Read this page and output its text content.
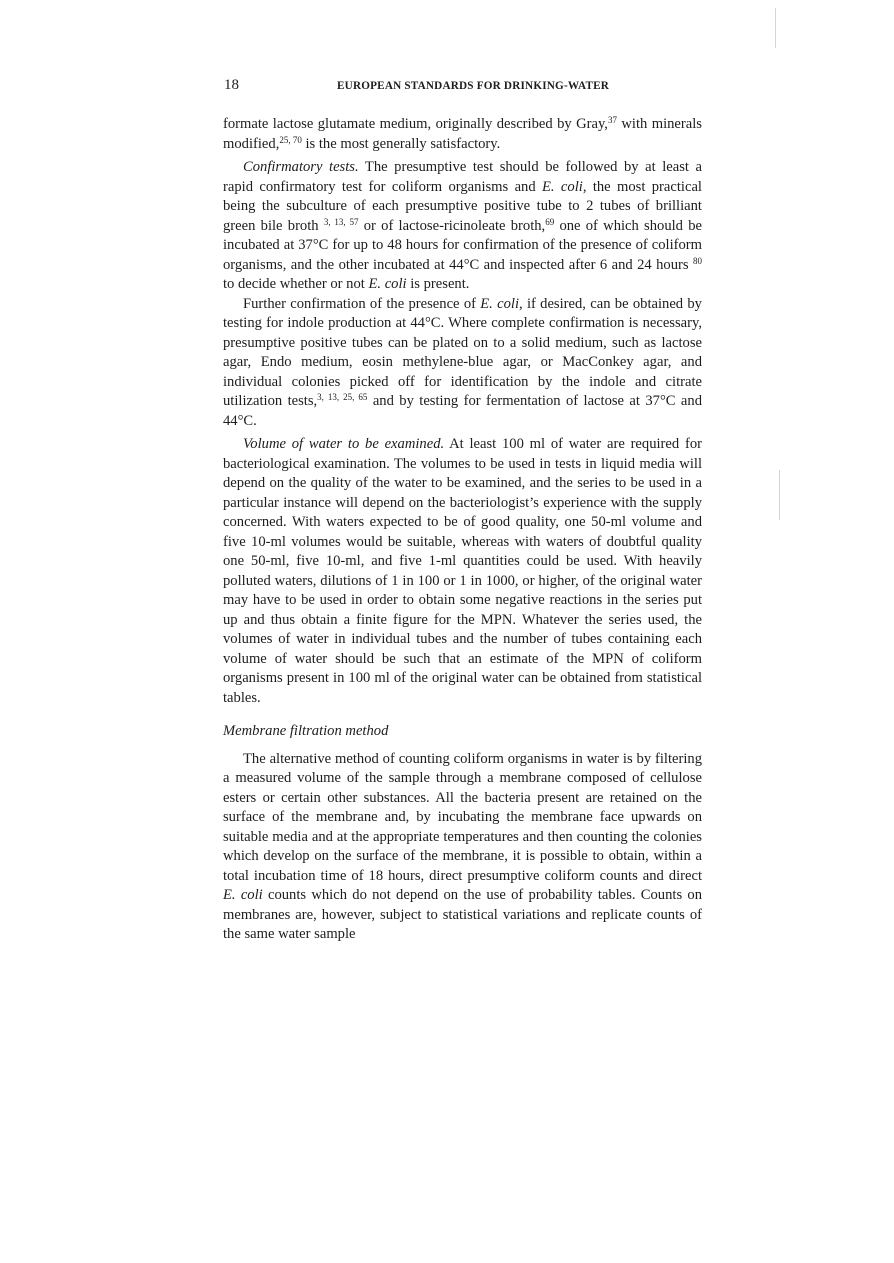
18	EUROPEAN STANDARDS FOR DRINKING-WATER

formate lactose glutamate medium, originally described by Gray,$^{37}$ with minerals modified,$^{25, 70}$ is the most generally satisfactory.

Confirmatory tests. The presumptive test should be followed by at least a rapid confirmatory test for coliform organisms and E. coli, the most practical being the subculture of each presumptive positive tube to 2 tubes of brilliant green bile broth $^{3, 13, 57}$ or of lactose-ricinoleate broth,$^{69}$ one of which should be incubated at 37°C for up to 48 hours for confirmation of the presence of coliform organisms, and the other incubated at 44°C and inspected after 6 and 24 hours $^{80}$ to decide whether or not E. coli is present.

Further confirmation of the presence of E. coli, if desired, can be obtained by testing for indole production at 44°C. Where complete confirmation is necessary, presumptive positive tubes can be plated on to a solid medium, such as lactose agar, Endo medium, eosin methylene-blue agar, or MacConkey agar, and individual colonies picked off for identification by the indole and citrate utilization tests,$^{3, 13, 25, 65}$ and by testing for fermentation of lactose at 37°C and 44°C.

Volume of water to be examined. At least 100 ml of water are required for bacteriological examination. The volumes to be used in tests in liquid media will depend on the quality of the water to be examined, and the series to be used in a particular instance will depend on the bacteriologist’s experience with the supply concerned. With waters expected to be of good quality, one 50-ml volume and five 10-ml volumes would be suitable, whereas with waters of doubtful quality one 50-ml, five 10-ml, and five 1-ml quantities could be used. With heavily polluted waters, dilutions of 1 in 100 or 1 in 1000, or higher, of the original water may have to be used in order to obtain some negative reactions in the series put up and thus obtain a finite figure for the MPN. Whatever the series used, the volumes of water in individual tubes and the number of tubes containing each volume of water should be such that an estimate of the MPN of coliform organisms present in 100 ml of the original water can be obtained from statistical tables.

Membrane filtration method

The alternative method of counting coliform organisms in water is by filtering a measured volume of the sample through a membrane composed of cellulose esters or certain other substances. All the bacteria present are retained on the surface of the membrane and, by incubating the membrane face upwards on suitable media and at the appropriate temperatures and then counting the colonies which develop on the surface of the membrane, it is possible to obtain, within a total incubation time of 18 hours, direct presumptive coliform counts and direct E. coli counts which do not depend on the use of probability tables. Counts on membranes are, however, subject to statistical variations and replicate counts of the same water sample
